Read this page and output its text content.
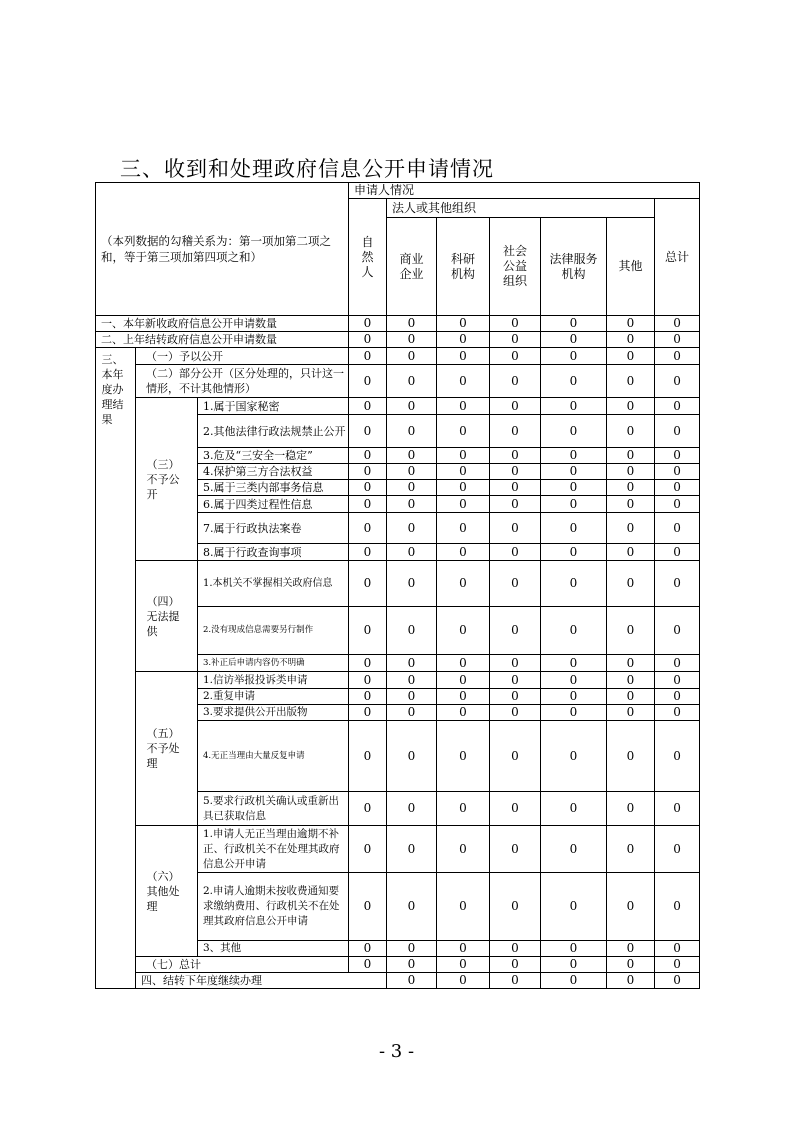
三、收到和处理政府信息公开申请情况
（本列数据的勾稽关系为：第一项加第二项之和，等于第三项加第四项之和）			申请人情况							
			自然人	法人或其他组织					总计	
				商业企业	科研机构	社会公益组织	法律服务机构	其他		
一、本年新收政府信息公开申请数量			0	0	0	0	0	0	0	
二、上年结转政府信息公开申请数量			0	0	0	0	0	0	0	
三、本年度办理结果	（一）予以公开		0	0	0	0	0	0	0	
	（二）部分公开（区分处理的，只计这一情形，不计其他情形）		0	0	0	0	0	0	0	
	（三）不予公开	1.属于国家秘密	0	0	0	0	0	0	0	
		2.其他法律行政法规禁止公开	0	0	0	0	0	0	0	
		3.危及“三安全一稳定”	0	0	0	0	0	0	0	
		4.保护第三方合法权益	0	0	0	0	0	0	0	
		5.属于三类内部事务信息	0	0	0	0	0	0	0	
		6.属于四类过程性信息	0	0	0	0	0	0	0	
		7.属于行政执法案卷	0	0	0	0	0	0	0	
		8.属于行政查询事项	0	0	0	0	0	0	0	
	（四）无法提供	1.本机关不掌握相关政府信息	0	0	0	0	0	0	0	
		2.没有现成信息需要另行制作	0	0	0	0	0	0	0	
		3.补正后申请内容仍不明确	0	0	0	0	0	0	0	
	（五）不予处理	1.信访举报投诉类申请	0	0	0	0	0	0	0	
		2.重复申请	0	0	0	0	0	0	0	
		3.要求提供公开出版物	0	0	0	0	0	0	0	
		4.无正当理由大量反复申请	0	0	0	0	0	0	0	
		5.要求行政机关确认或重新出具已获取信息	0	0	0	0	0	0	0	
	（六）其他处理	1.申请人无正当理由逾期不补正、行政机关不在处理其政府信息公开申请	0	0	0	0	0	0	0	
		2.申请人逾期未按收费通知要求缴纳费用、行政机关不在处理其政府信息公开申请	0	0	0	0	0	0	0	
		3、其他	0	0	0	0	0	0	0	
	（七）总计		0	0	0	0	0	0	0	
	四、结转下年度继续办理			0	0	0	0	0	0	
- 3 -
